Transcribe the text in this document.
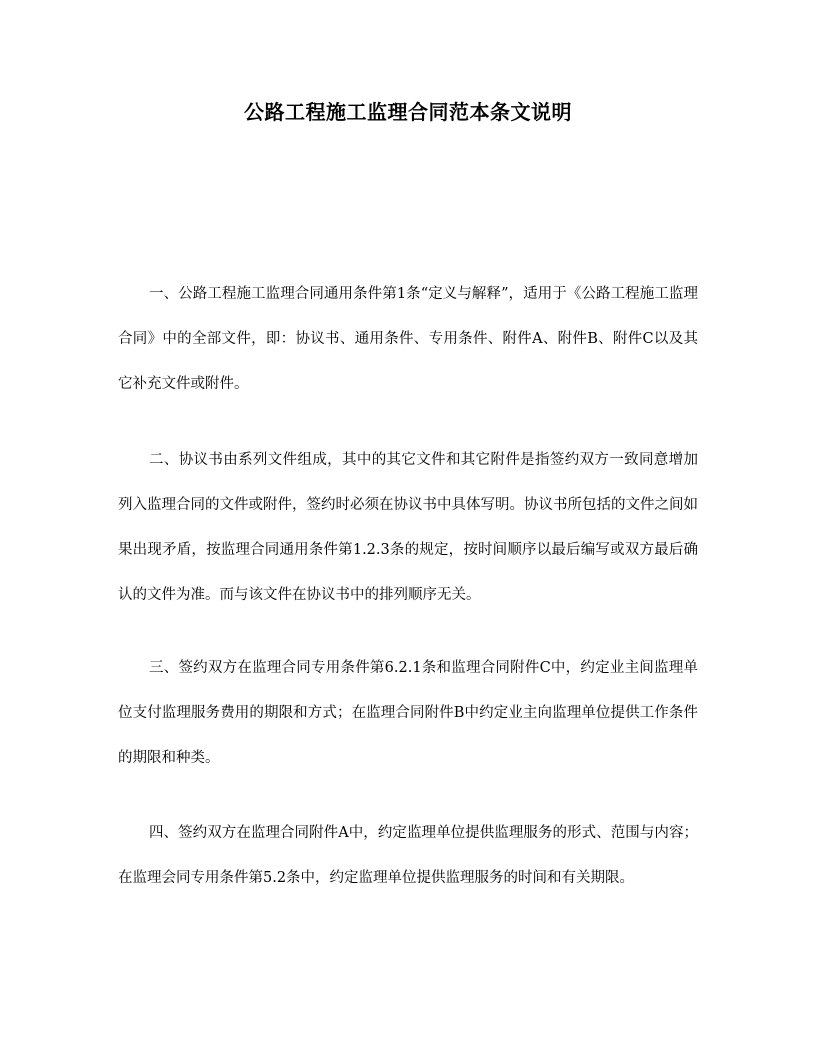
公路工程施工监理合同范本条文说明

一、公路工程施工监理合同通用条件第1条“定义与解释”，适用于《公路工程施工监理合同》中的全部文件，即：协议书、通用条件、专用条件、附件A、附件B、附件C以及其它补充文件或附件。

二、协议书由系列文件组成，其中的其它文件和其它附件是指签约双方一致同意增加列入监理合同的文件或附件，签约时必须在协议书中具体写明。协议书所包括的文件之间如果出现矛盾，按监理合同通用条件第1.2.3条的规定，按时间顺序以最后编写或双方最后确认的文件为准。而与该文件在协议书中的排列顺序无关。

三、签约双方在监理合同专用条件第6.2.1条和监理合同附件C中，约定业主间监理单位支付监理服务费用的期限和方式；在监理合同附件B中约定业主向监理单位提供工作条件的期限和种类。

四、签约双方在监理合同附件A中，约定监理单位提供监理服务的形式、范围与内容；在监理会同专用条件第5.2条中，约定监理单位提供监理服务的时间和有关期限。
